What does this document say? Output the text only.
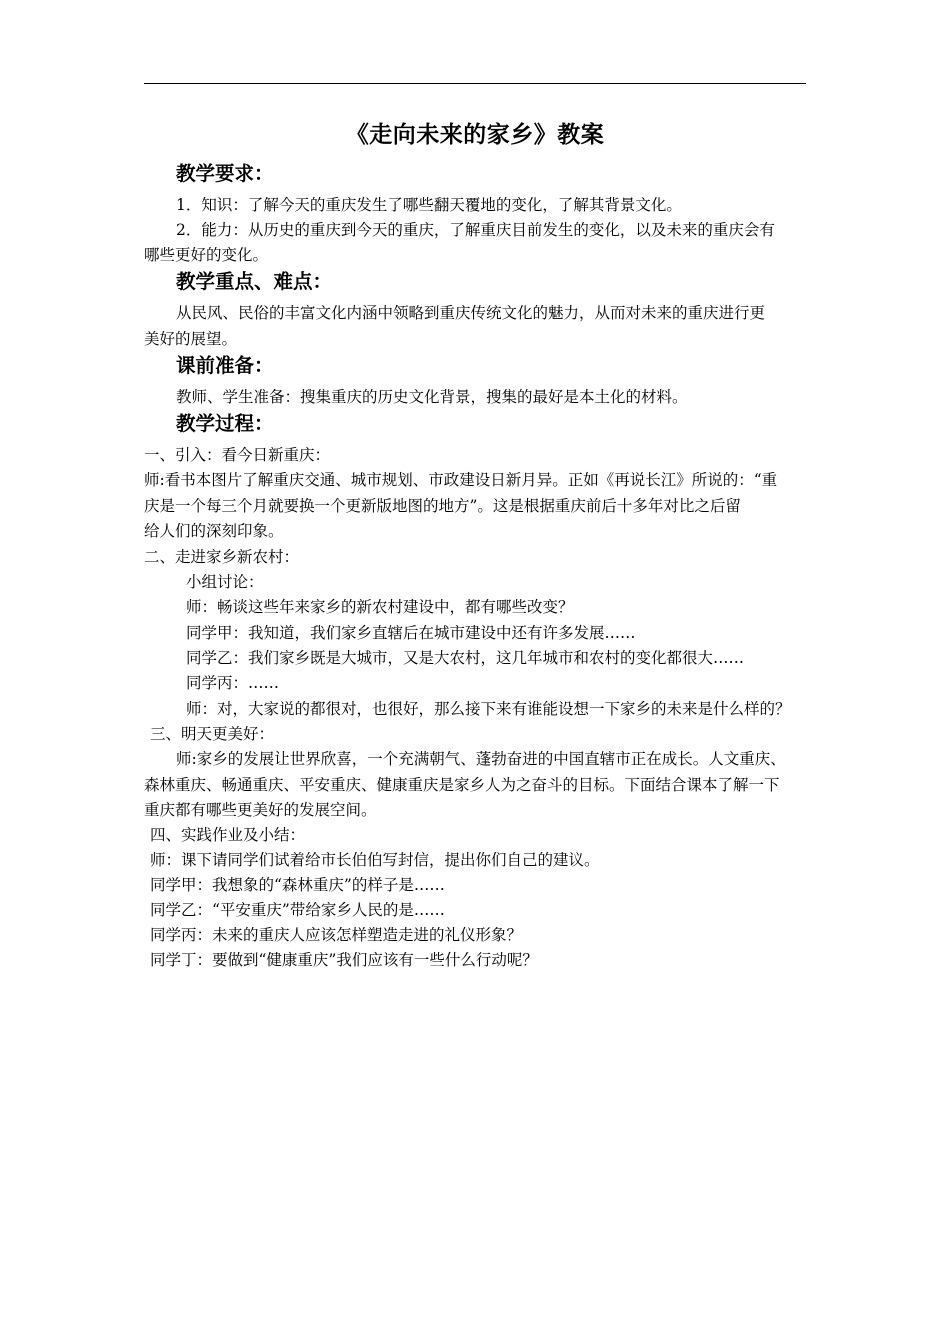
《走向未来的家乡》教案
教学要求：
1．知识：了解今天的重庆发生了哪些翻天覆地的变化，了解其背景文化。
2．能力：从历史的重庆到今天的重庆，了解重庆目前发生的变化，以及未来的重庆会有
哪些更好的变化。
教学重点、难点：
从民风、民俗的丰富文化内涵中领略到重庆传统文化的魅力，从而对未来的重庆进行更
美好的展望。
课前准备：
教师、学生准备：搜集重庆的历史文化背景，搜集的最好是本土化的材料。
教学过程：
一、引入：看今日新重庆：
师:看书本图片了解重庆交通、城市规划、市政建设日新月异。正如《再说长江》所说的：“重
庆是一个每三个月就要换一个更新版地图的地方”。这是根据重庆前后十多年对比之后留
给人们的深刻印象。
二、走进家乡新农村：
小组讨论：
师：畅谈这些年来家乡的新农村建设中，都有哪些改变？
同学甲：我知道，我们家乡直辖后在城市建设中还有许多发展……
同学乙：我们家乡既是大城市，又是大农村，这几年城市和农村的变化都很大……
同学丙：……
师：对，大家说的都很对，也很好，那么接下来有谁能设想一下家乡的未来是什么样的？
三、明天更美好：
师:家乡的发展让世界欣喜，一个充满朝气、蓬勃奋进的中国直辖市正在成长。人文重庆、
森林重庆、畅通重庆、平安重庆、健康重庆是家乡人为之奋斗的目标。下面结合课本了解一下
重庆都有哪些更美好的发展空间。
四、实践作业及小结：
师：课下请同学们试着给市长伯伯写封信，提出你们自己的建议。
同学甲：我想象的“森林重庆”的样子是……
同学乙：“平安重庆”带给家乡人民的是……
同学丙：未来的重庆人应该怎样塑造走进的礼仪形象？
同学丁：要做到“健康重庆”我们应该有一些什么行动呢？
